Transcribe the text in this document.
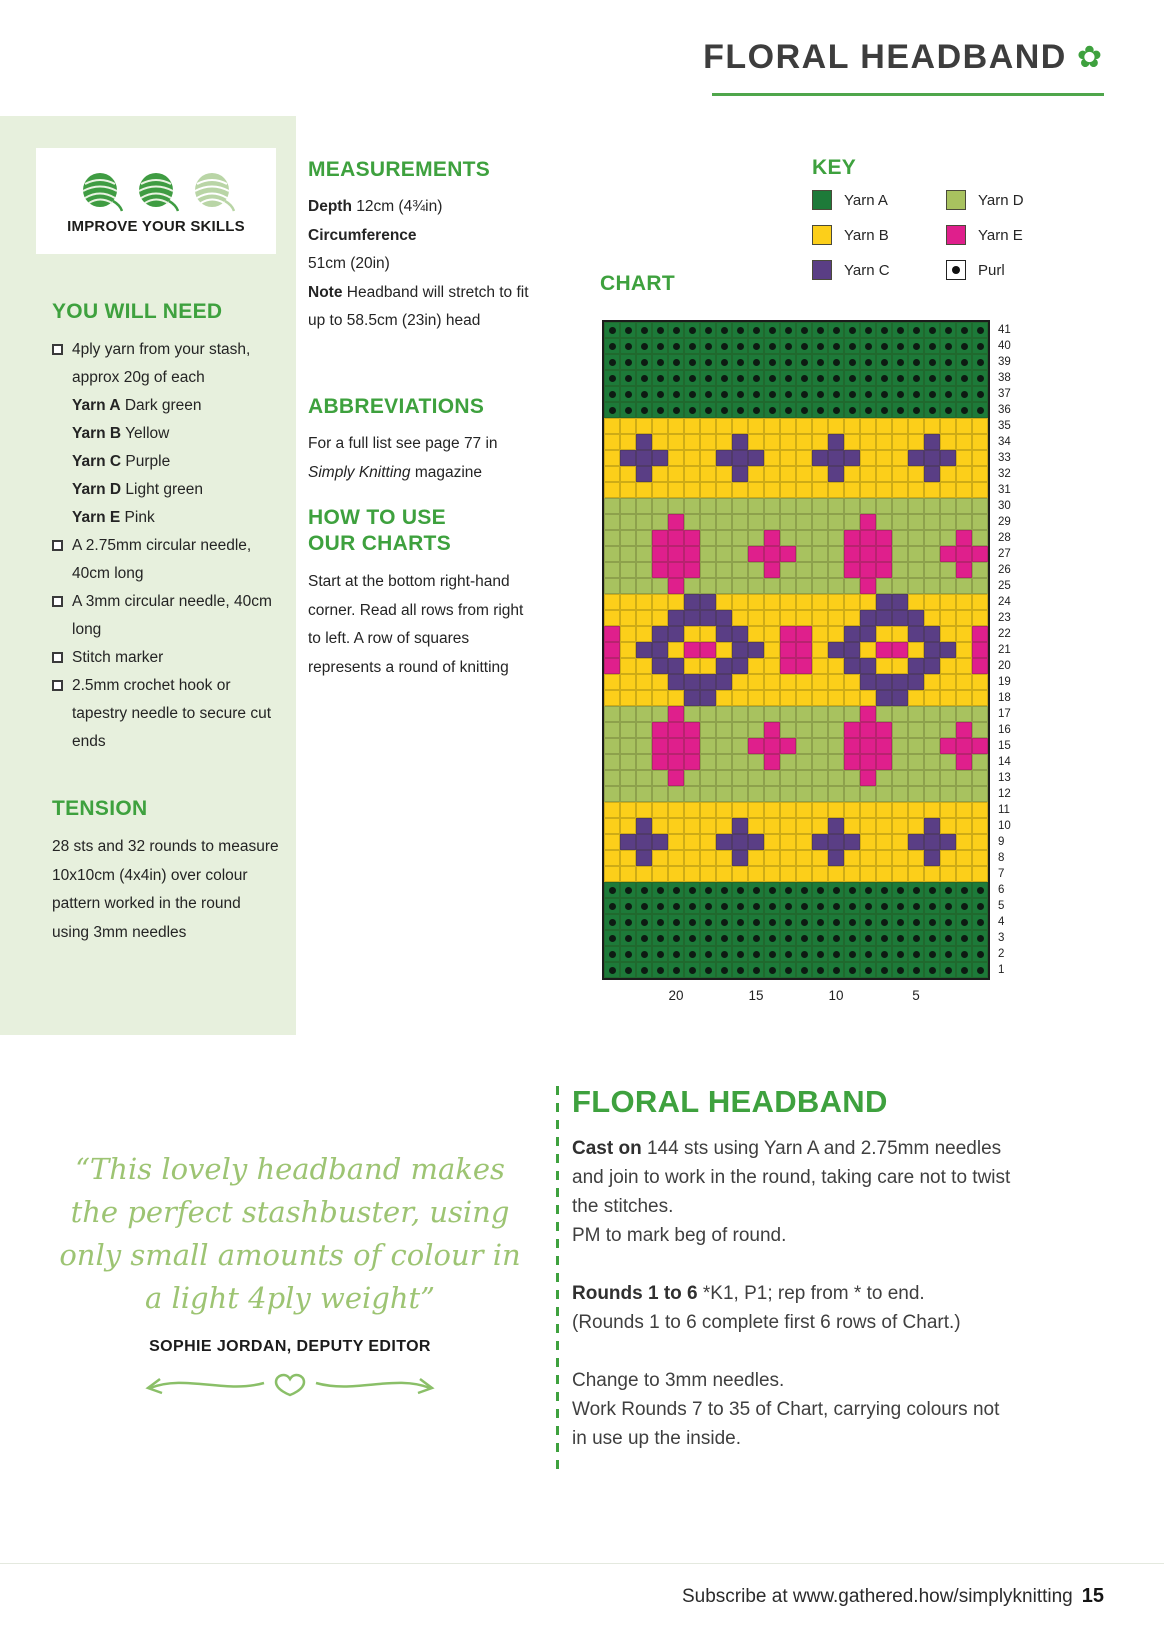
FLORAL HEADBAND ✿
IMPROVE YOUR SKILLS
YOU WILL NEED
4ply yarn from your stash, approx 20g of each
Yarn A Dark green
Yarn B Yellow
Yarn C Purple
Yarn D Light green
Yarn E Pink
A 2.75mm circular needle, 40cm long
A 3mm circular needle, 40cm long
Stitch marker
2.5mm crochet hook or tapestry needle to secure cut ends
TENSION
28 sts and 32 rounds to measure 10x10cm (4x4in) over colour pattern worked in the round using 3mm needles
MEASUREMENTS
Depth 12cm (4¾in)
Circumference
51cm (20in)
Note Headband will stretch to fit up to 58.5cm (23in) head
ABBREVIATIONS
For a full list see page 77 in Simply Knitting magazine
HOW TO USE OUR CHARTS
Start at the bottom right-hand corner. Read all rows from right to left. A row of squares represents a round of knitting
KEY
Yarn A
Yarn B
Yarn C
Yarn D
Yarn E
Purl
CHART
41
40
39
38
37
36
35
34
33
32
31
30
29
28
27
26
25
24
23
22
21
20
19
18
17
16
15
14
13
12
11
10
9
8
7
6
5
4
3
2
1
20	15	10	5
“This lovely headband makes
the perfect stashbuster, using
only small amounts of colour in
a light 4ply weight”
SOPHIE JORDAN, DEPUTY EDITOR
FLORAL HEADBAND
Cast on 144 sts using Yarn A and 2.75mm needles and join to work in the round, taking care not to twist the stitches.
PM to mark beg of round.
Rounds 1 to 6 *K1, P1; rep from * to end.
(Rounds 1 to 6 complete first 6 rows of Chart.)
Change to 3mm needles.
Work Rounds 7 to 35 of Chart, carrying colours not in use up the inside.
Subscribe at www.gathered.how/simplyknitting 15
